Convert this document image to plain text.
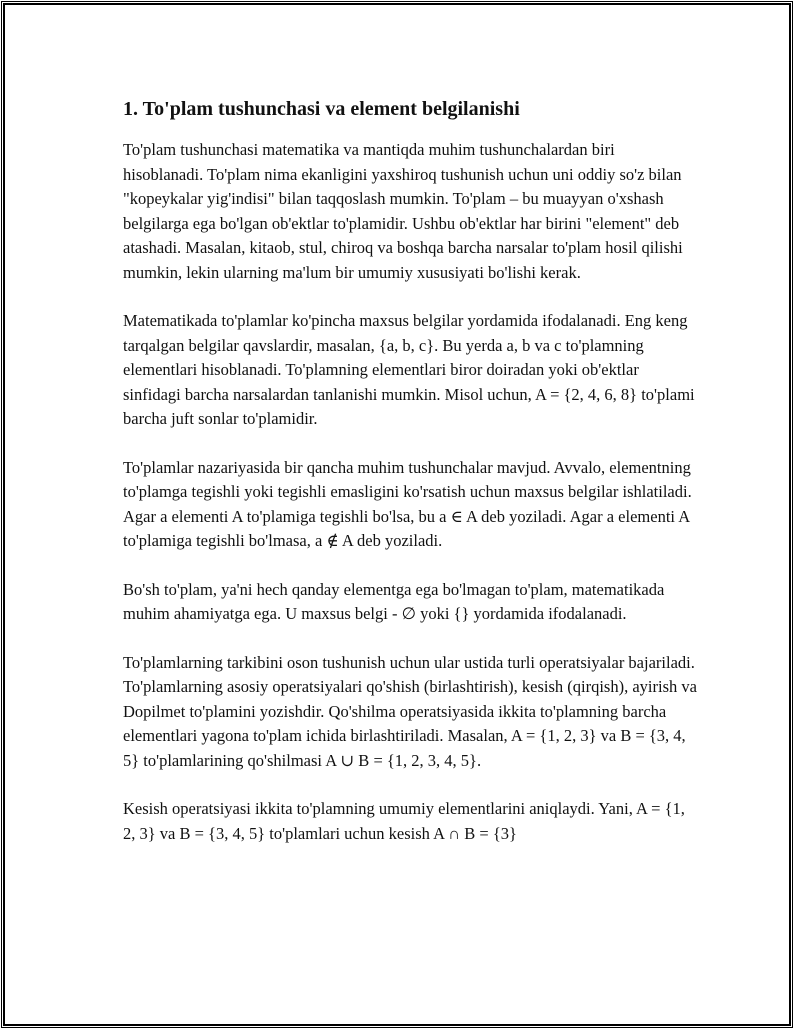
1. To'plam tushunchasi va element belgilanishi

To'plam tushunchasi matematika va mantiqda muhim tushunchalardan biri hisoblanadi. To'plam nima ekanligini yaxshiroq tushunish uchun uni oddiy so'z bilan "kopeykalar yig'indisi" bilan taqqoslash mumkin. To'plam – bu muayyan o'xshash belgilarga ega bo'lgan ob'ektlar to'plamidir. Ushbu ob'ektlar har birini "element" deb atashadi. Masalan, kitaob, stul, chiroq va boshqa barcha narsalar to'plam hosil qilishi mumkin, lekin ularning ma'lum bir umumiy xususiyati bo'lishi kerak.

Matematikada to'plamlar ko'pincha maxsus belgilar yordamida ifodalanadi. Eng keng tarqalgan belgilar qavslardir, masalan, {a, b, c}. Bu yerda a, b va c to'plamning elementlari hisoblanadi. To'plamning elementlari biror doiradan yoki ob'ektlar sinfidagi barcha narsalardan tanlanishi mumkin. Misol uchun, A = {2, 4, 6, 8} to'plami barcha juft sonlar to'plamidir.

To'plamlar nazariyasida bir qancha muhim tushunchalar mavjud. Avvalo, elementning to'plamga tegishli yoki tegishli emasligini ko'rsatish uchun maxsus belgilar ishlatiladi. Agar a elementi A to'plamiga tegishli bo'lsa, bu a ∈ A deb yoziladi. Agar a elementi A to'plamiga tegishli bo'lmasa, a ∉ A deb yoziladi.

Bo'sh to'plam, ya'ni hech qanday elementga ega bo'lmagan to'plam, matematikada muhim ahamiyatga ega. U maxsus belgi - ∅ yoki {} yordamida ifodalanadi.

To'plamlarning tarkibini oson tushunish uchun ular ustida turli operatsiyalar bajariladi. To'plamlarning asosiy operatsiyalari qo'shish (birlashtirish), kesish (qirqish), ayirish va Dopilmet to'plamini yozishdir. Qo'shilma operatsiyasida ikkita to'plamning barcha elementlari yagona to'plam ichida birlashtiriladi. Masalan, A = {1, 2, 3} va B = {3, 4, 5} to'plamlarining qo'shilmasi A ∪ B = {1, 2, 3, 4, 5}.

Kesish operatsiyasi ikkita to'plamning umumiy elementlarini aniqlaydi. Yani, A = {1, 2, 3} va B = {3, 4, 5} to'plamlari uchun kesish A ∩ B = {3}
